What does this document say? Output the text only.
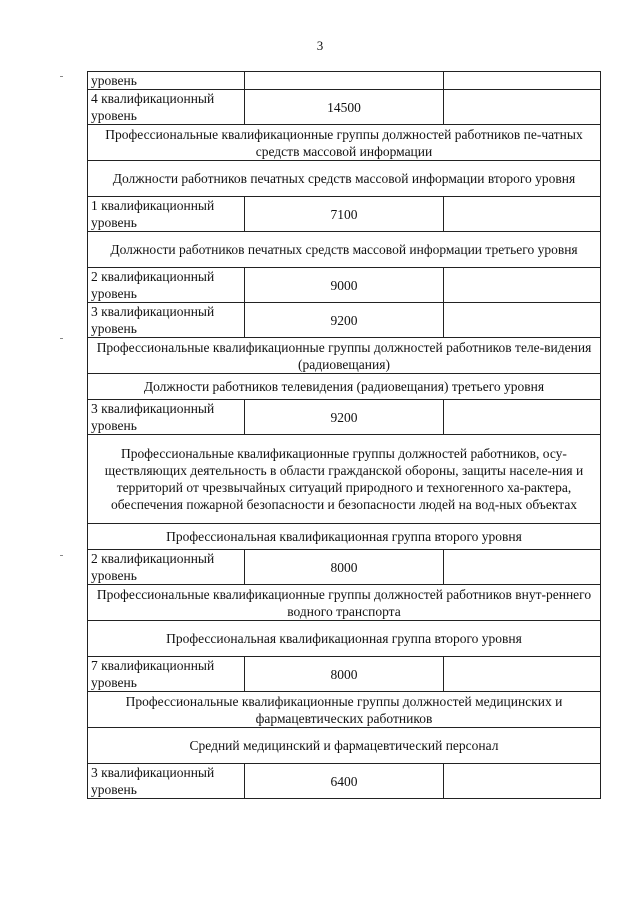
3
уровень		
4 квалификационный уровень	14500	
Профессиональные квалификационные группы должностей работников пе-чатных средств массовой информации		
Должности работников печатных средств массовой информации второго уровня		
1 квалификационный уровень	7100	
Должности работников печатных средств массовой информации третьего уровня		
2 квалификационный уровень	9000	
3 квалификационный уровень	9200	
Профессиональные квалификационные группы должностей работников теле-видения (радиовещания)		
Должности работников телевидения (радиовещания) третьего уровня		
3 квалификационный уровень	9200	
Профессиональные квалификационные группы должностей работников, осу-ществляющих деятельность в области гражданской обороны, защиты населе-ния и территорий от чрезвычайных ситуаций природного и техногенного ха-рактера, обеспечения пожарной безопасности и безопасности людей на вод-ных объектах		
Профессиональная квалификационная группа второго уровня		
2 квалификационный уровень	8000	
Профессиональные квалификационные группы должностей работников внут-реннего водного транспорта		
Профессиональная квалификационная группа второго уровня		
7 квалификационный уровень	8000	
Профессиональные квалификационные группы должностей медицинских и фармацевтических работников		
Средний медицинский и фармацевтический персонал		
3 квалификационный уровень	6400	
